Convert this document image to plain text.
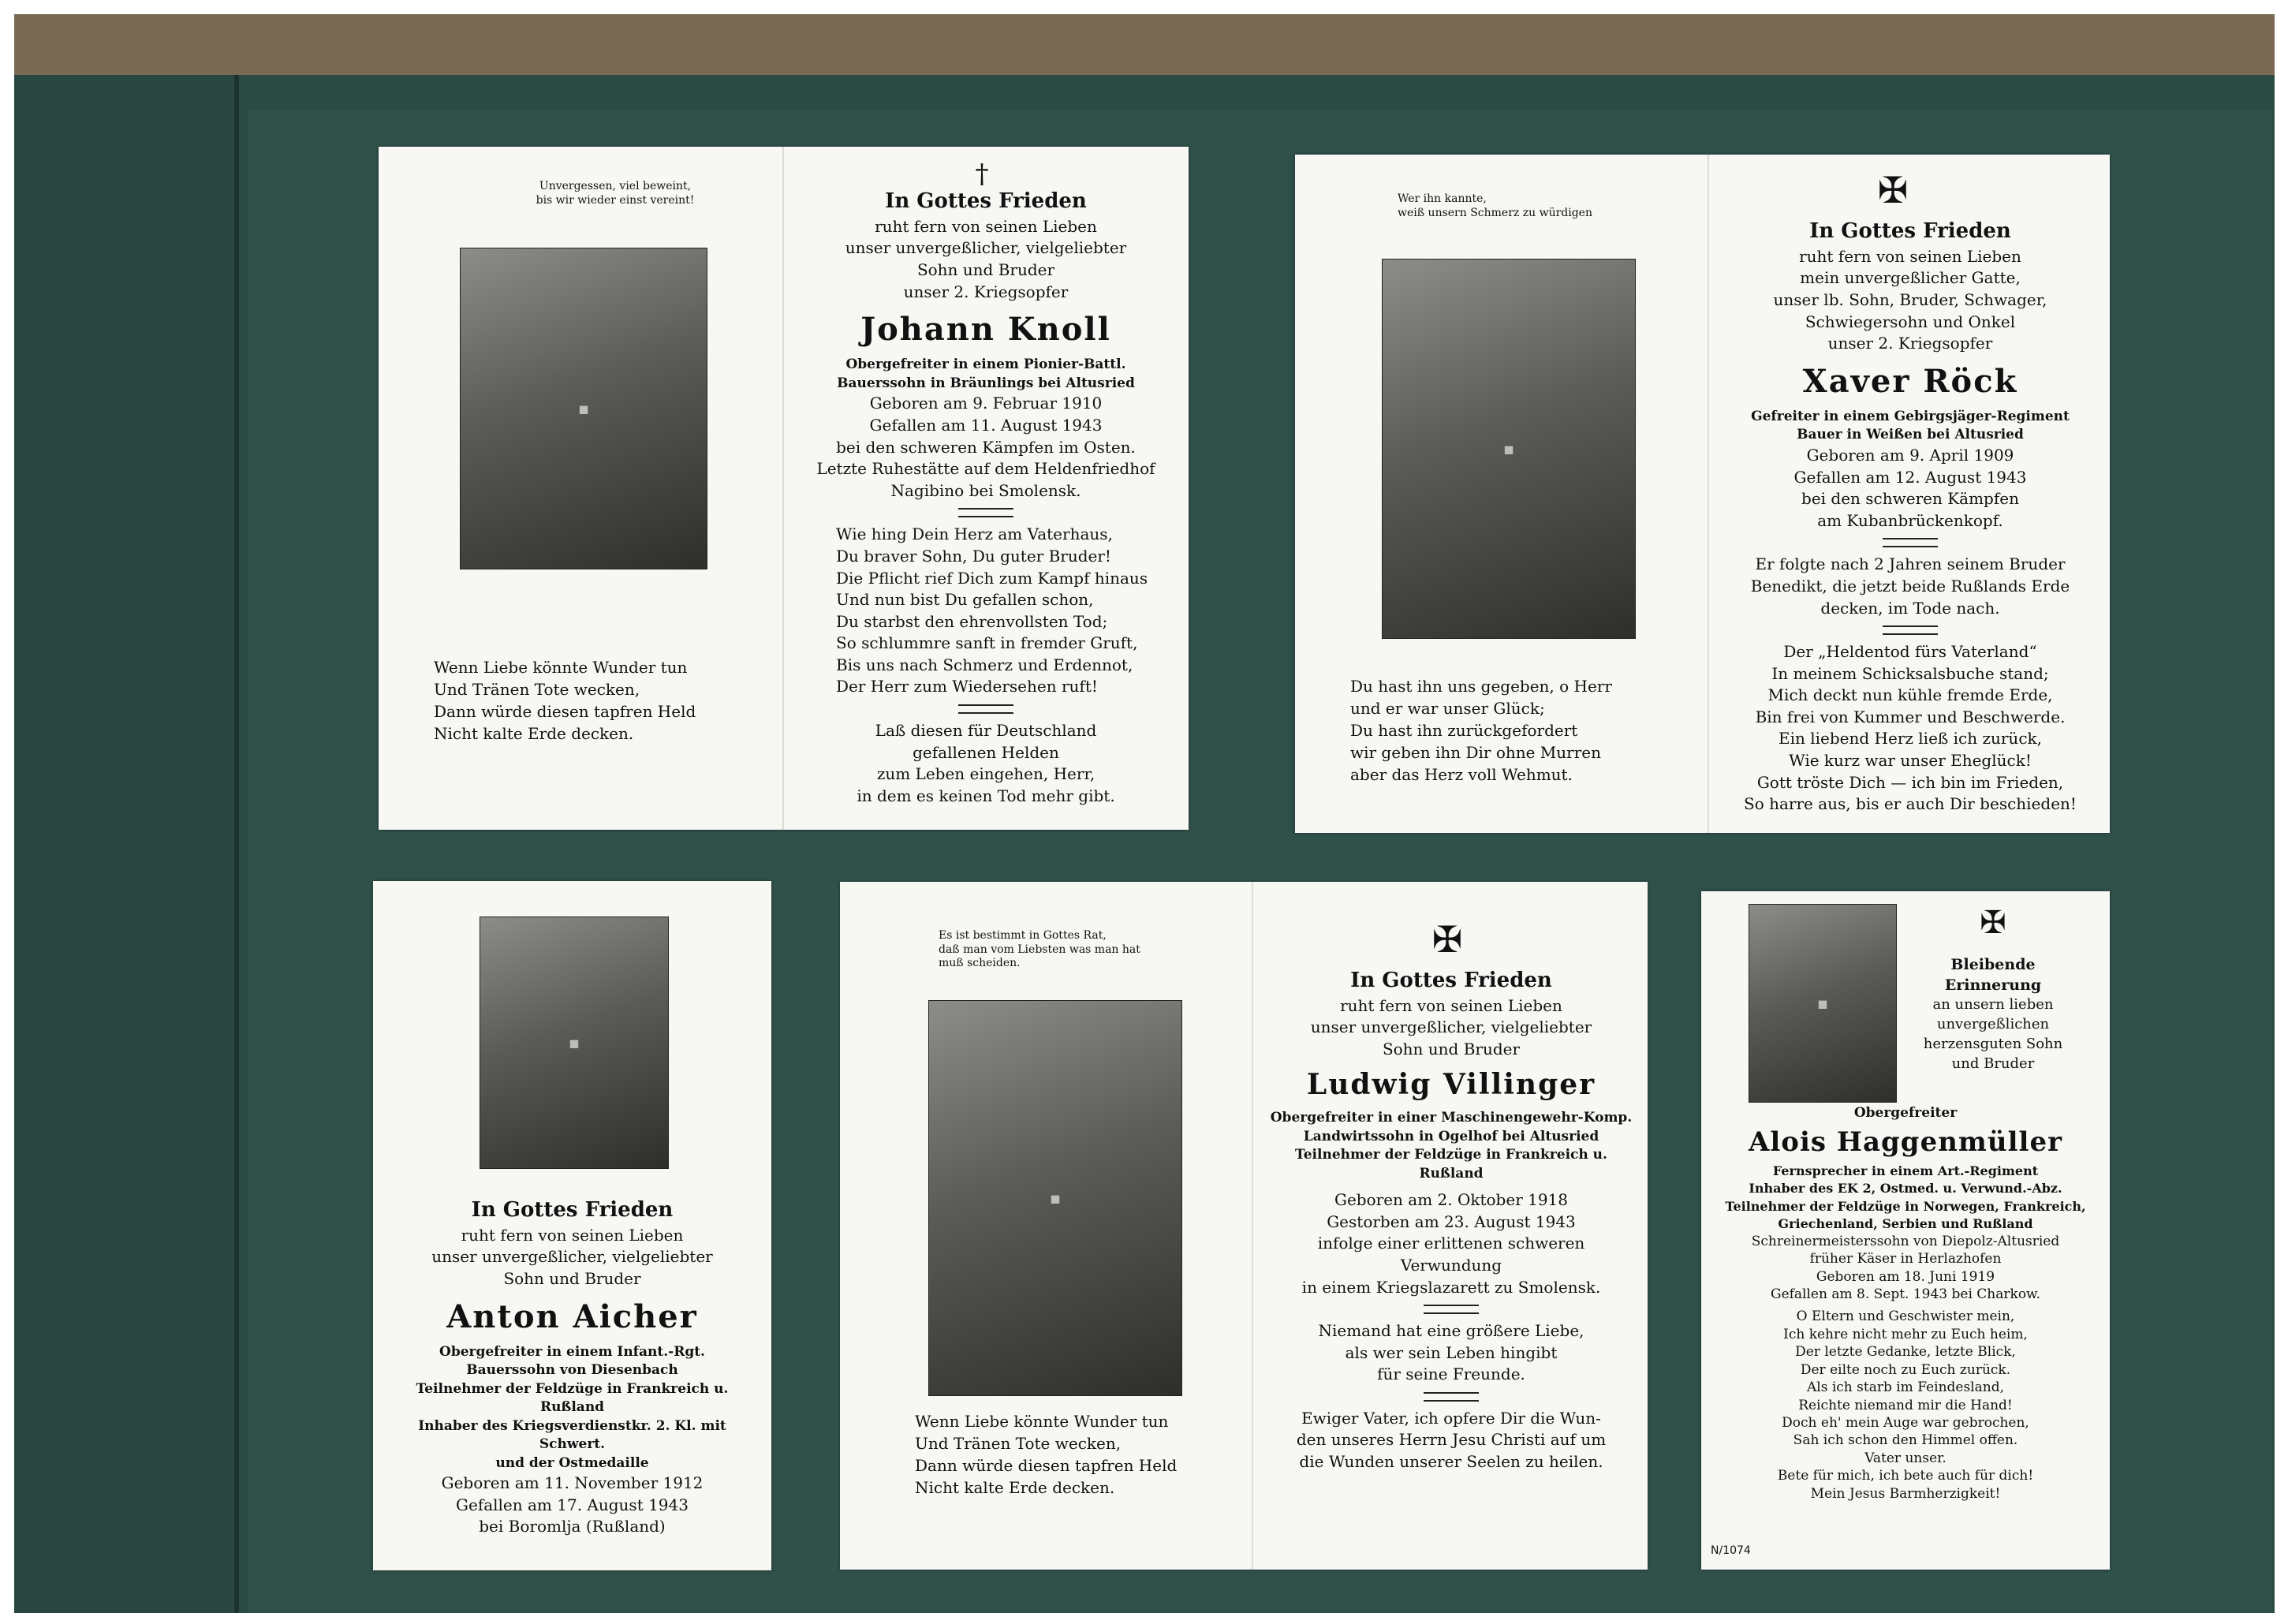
Unvergessen, viel beweint,
bis wir wieder einst vereint!
◼
Wenn Liebe könnte Wunder tun
Und Tränen Tote wecken,
Dann würde diesen tapfren Held
Nicht kalte Erde decken.
†
In Gottes Frieden
ruht fern von seinen Lieben
unser unvergeßlicher, vielgeliebter
Sohn und Bruder
unser 2. Kriegsopfer
Johann Knoll
Obergefreiter in einem Pionier-Battl.
Bauerssohn in Bräunlings bei Altusried
Geboren am 9. Februar 1910
Gefallen am 11. August 1943
bei den schweren Kämpfen im Osten.
Letzte Ruhestätte auf dem Heldenfriedhof
Nagibino bei Smolensk.
Wie hing Dein Herz am Vaterhaus,
Du braver Sohn, Du guter Bruder!
Die Pflicht rief Dich zum Kampf hinaus
Und nun bist Du gefallen schon,
Du starbst den ehrenvollsten Tod;
So schlummre sanft in fremder Gruft,
Bis uns nach Schmerz und Erdennot,
Der Herr zum Wiedersehen ruft!
Laß diesen für Deutschland
gefallenen Helden
zum Leben eingehen, Herr,
in dem es keinen Tod mehr gibt.
Wer ihn kannte,
weiß unsern Schmerz zu würdigen
◼
Du hast ihn uns gegeben, o Herr
und er war unser Glück;
Du hast ihn zurückgefordert
wir geben ihn Dir ohne Murren
aber das Herz voll Wehmut.
✠
In Gottes Frieden
ruht fern von seinen Lieben
mein unvergeßlicher Gatte,
unser lb. Sohn, Bruder, Schwager,
Schwiegersohn und Onkel
unser 2. Kriegsopfer
Xaver Röck
Gefreiter in einem Gebirgsjäger-Regiment
Bauer in Weißen bei Altusried
Geboren am 9. April 1909
Gefallen am 12. August 1943
bei den schweren Kämpfen
am Kubanbrückenkopf.
Er folgte nach 2 Jahren seinem Bruder
Benedikt, die jetzt beide Rußlands Erde
decken, im Tode nach.
Der „Heldentod fürs Vaterland“
In meinem Schicksalsbuche stand;
Mich deckt nun kühle fremde Erde,
Bin frei von Kummer und Beschwerde.
Ein liebend Herz ließ ich zurück,
Wie kurz war unser Eheglück!
Gott tröste Dich — ich bin im Frieden,
So harre aus, bis er auch Dir beschieden!
◼
In Gottes Frieden
ruht fern von seinen Lieben
unser unvergeßlicher, vielgeliebter
Sohn und Bruder
Anton Aicher
Obergefreiter in einem Infant.-Rgt.
Bauerssohn von Diesenbach
Teilnehmer der Feldzüge in Frankreich u. Rußland
Inhaber des Kriegsverdienstkr. 2. Kl. mit Schwert.
und der Ostmedaille
Geboren am 11. November 1912
Gefallen am 17. August 1943
bei Boromlja (Rußland)
Es ist bestimmt in Gottes Rat,
daß man vom Liebsten was man hat
muß scheiden.
◼
Wenn Liebe könnte Wunder tun
Und Tränen Tote wecken,
Dann würde diesen tapfren Held
Nicht kalte Erde decken.
✠
In Gottes Frieden
ruht fern von seinen Lieben
unser unvergeßlicher, vielgeliebter
Sohn und Bruder
Ludwig Villinger
Obergefreiter in einer Maschinengewehr-Komp.
Landwirtssohn in Ogelhof bei Altusried
Teilnehmer der Feldzüge in Frankreich u. Rußland
Geboren am 2. Oktober 1918
Gestorben am 23. August 1943
infolge einer erlittenen schweren Verwundung
in einem Kriegslazarett zu Smolensk.
Niemand hat eine größere Liebe,
als wer sein Leben hingibt
für seine Freunde.
Ewiger Vater, ich opfere Dir die Wun-
den unseres Herrn Jesu Christi auf um
die Wunden unserer Seelen zu heilen.
◼
✠
Bleibende
Erinnerung
an unsern lieben
unvergeßlichen
herzensguten Sohn
und Bruder
Obergefreiter
Alois Haggenmüller
Fernsprecher in einem Art.-Regiment
Inhaber des EK 2, Ostmed. u. Verwund.-Abz.
Teilnehmer der Feldzüge in Norwegen, Frankreich,
Griechenland, Serbien und Rußland
Schreinermeisterssohn von Diepolz-Altusried
früher Käser in Herlazhofen
Geboren am 18. Juni 1919
Gefallen am 8. Sept. 1943 bei Charkow.
O Eltern und Geschwister mein,
Ich kehre nicht mehr zu Euch heim,
Der letzte Gedanke, letzte Blick,
Der eilte noch zu Euch zurück.
Als ich starb im Feindesland,
Reichte niemand mir die Hand!
Doch eh' mein Auge war gebrochen,
Sah ich schon den Himmel offen.
Vater unser.
Bete für mich, ich bete auch für dich!
Mein Jesus Barmherzigkeit!
N/1074
